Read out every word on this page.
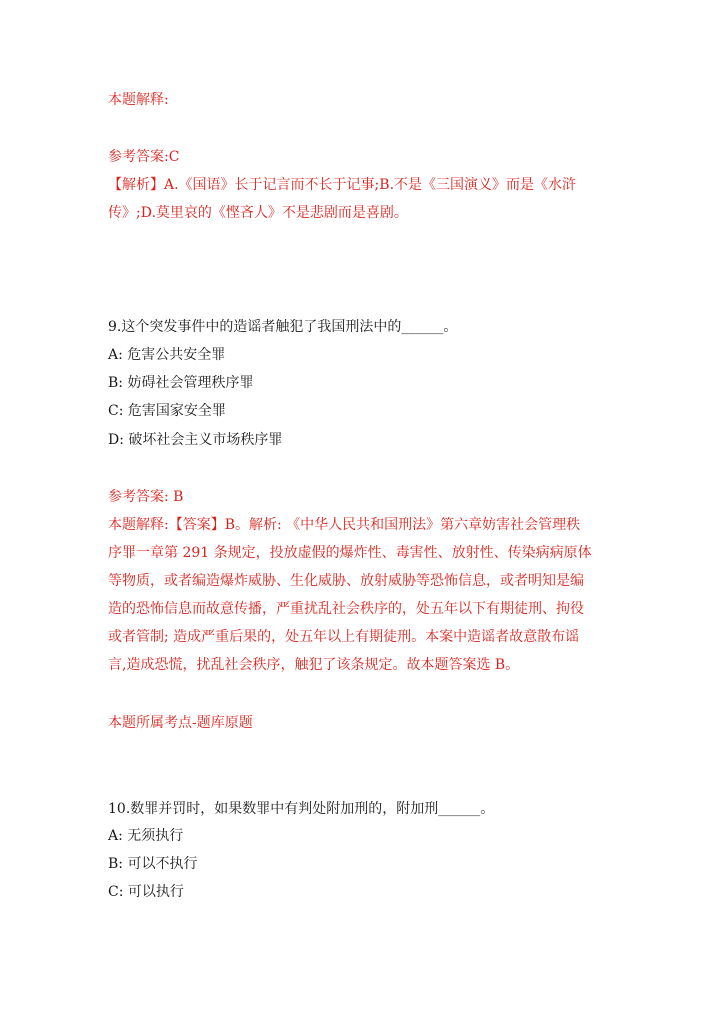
本题解释:
参考答案:C
【解析】A.《国语》长于记言而不长于记事;B.不是《三国演义》而是《水浒
传》;D.莫里哀的《悭吝人》不是悲剧而是喜剧。
9.这个突发事件中的造谣者触犯了我国刑法中的______。
A: 危害公共安全罪
B: 妨碍社会管理秩序罪
C: 危害国家安全罪
D: 破坏社会主义市场秩序罪
参考答案: B
本题解释:【答案】B。解析: 《中华人民共和国刑法》第六章妨害社会管理秩
序罪一章第 291 条规定，投放虚假的爆炸性、毒害性、放射性、传染病病原体
等物质，或者编造爆炸威胁、生化威胁、放射威胁等恐怖信息，或者明知是编
造的恐怖信息而故意传播，严重扰乱社会秩序的，处五年以下有期徒刑、拘役
或者管制; 造成严重后果的，处五年以上有期徒刑。本案中造谣者故意散布谣
言,造成恐慌，扰乱社会秩序，触犯了该条规定。故本题答案选 B。
本题所属考点-题库原题
10.数罪并罚时，如果数罪中有判处附加刑的，附加刑______。
A: 无须执行
B: 可以不执行
C: 可以执行
